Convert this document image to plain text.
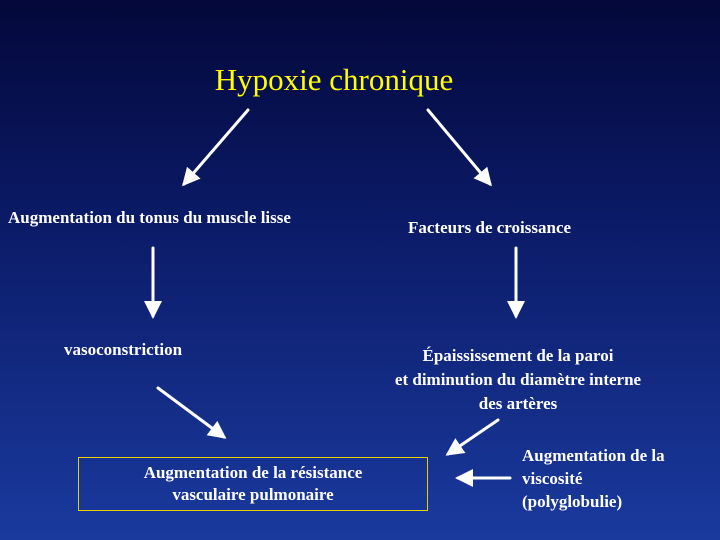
Hypoxie chronique
Augmentation du tonus du muscle lisse
Facteurs de croissance
vasoconstriction	Épaississement de la paroi
et diminution du diamètre interne
des artères
Augmentation de la résistance
vasculaire pulmonaire
Augmentation de la
viscosité
(polyglobulie)
